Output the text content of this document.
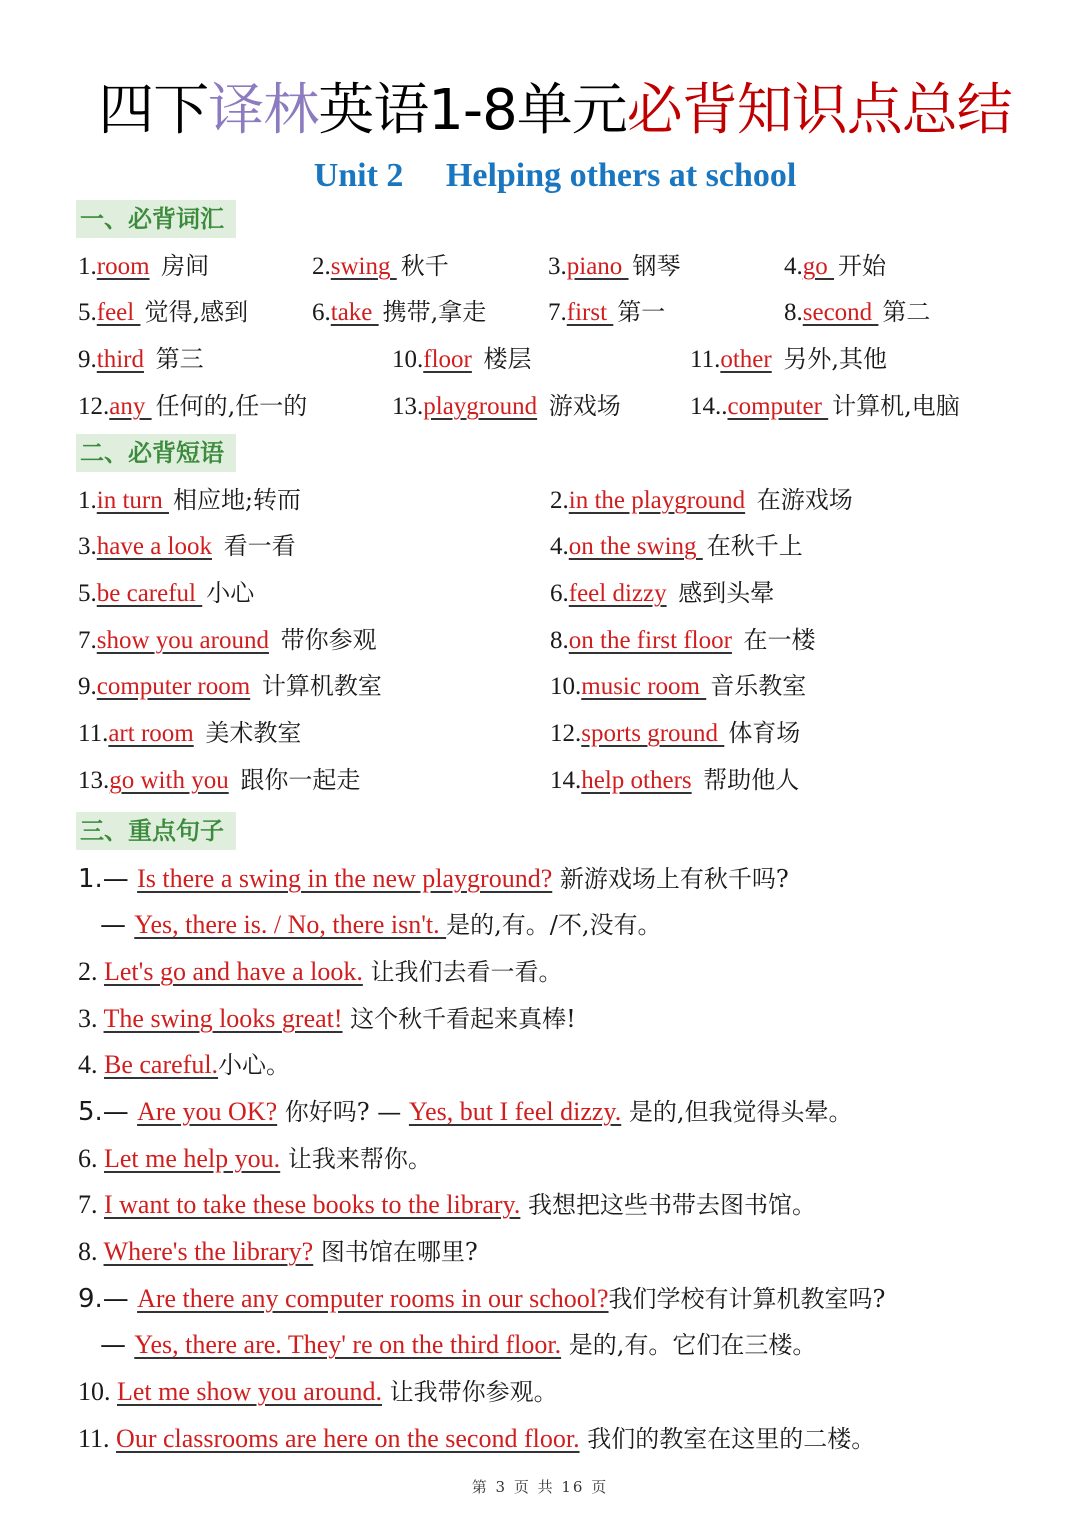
四下译林英语1-8单元必背知识点总结
Unit 2     Helping others at school
一、必背词汇
1.room 房间	2.swing 秋千	3.piano 钢琴	4.go 开始
5.feel 觉得,感到	6.take 携带,拿走 7.first 第一	8.second 第二
9.third 第三	10.floor 楼层	11.other 另外,其他
12.any 任何的,任一的	13.playground 游戏场	14..computer 计算机,电脑
二、必背短语
1.in turn 相应地;转而	2.in the playground 在游戏场
3.have a look 看一看	4.on the swing 在秋千上
5.be careful 小心	6.feel dizzy 感到头晕
7.show you around 带你参观	8.on the first floor 在一楼
9.computer room 计算机教室	10.music room 音乐教室
11.art room 美术教室	12.sports ground 体育场
13.go with you 跟你一起走	14.help others 帮助他人
三、重点句子
1.— Is there a swing in the new playground? 新游戏场上有秋千吗?
— Yes, there is. / No, there isn't. 是的,有。/不,没有。
2. Let's go and have a look. 让我们去看一看。
3. The swing looks great! 这个秋千看起来真棒!
4. Be careful.小心。
5.— Are you OK? 你好吗? — Yes, but I feel dizzy. 是的,但我觉得头晕。
6. Let me help you. 让我来帮你。
7. I want to take these books to the library. 我想把这些书带去图书馆。
8. Where's the library? 图书馆在哪里?
9.— Are there any computer rooms in our school?我们学校有计算机教室吗?
— Yes, there are. They' re on the third floor. 是的,有。它们在三楼。
10. Let me show you around. 让我带你参观。
11. Our classrooms are here on the second floor. 我们的教室在这里的二楼。
第 3 页 共 16 页
